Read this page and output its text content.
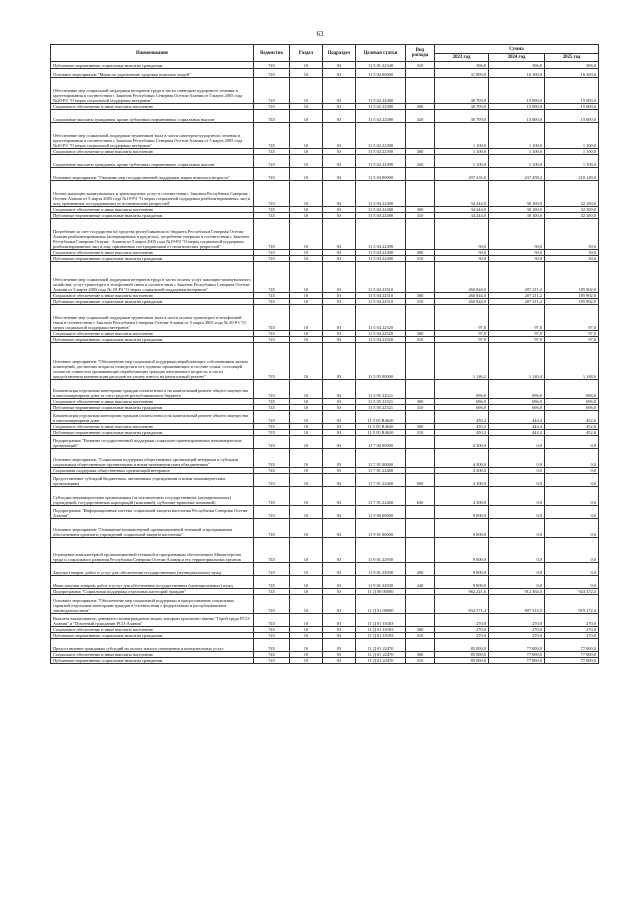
63
Наименование	Ведомство	Раздел	Подраздел	Целевая статья	Вид расхода	Сумма		
						2023 год	2024 год	2025 год
Публичные нормативные социальные выплаты гражданам	745	10	03	11 5 01 22340	310	306,0	306,0	306,0
Основное мероприятие "Меры по укреплению здоровья пожилых людей"	745	10	03	11 5 02 00000		31 809,0	16 100,0	16 100,0
Обеспечение мер социальной поддержки ветеранов труда в части санаторно-курортного лечения и протезирования в соответствии с Законом Республики Северная Осетия-Алания от 5 марта 2005 года №20-РЗ "О мерах социальной поддержки ветеранов"	745	10	03	11 5 02 22380		30 709,0	15 000,0	15 000,0
Социальное обеспечение и иные выплаты населению	745	10	03	11 5 02 22380	300	30 709,0	15 000,0	15 000,0
Социальные выплаты гражданам, кроме публичных нормативных социальных выплат	745	10	03	11 5 02 22380	320	30 709,0	15 000,0	15 000,0
Обеспечение мер социальной поддержки тружеников тыла в части санаторно-курортного лечения и протезирования в соответствии с Законом Республики Северная Осетия-Алания от 5 марта 2005 года №20-РЗ "О мерах социальной поддержки ветеранов"	745	10	03	11 5 02 22390		1 100,0	1 100,0	1 100,0
Социальное обеспечение и иные выплаты населению	745	10	03	11 5 02 22390	300	1 100,0	1 100,0	1 100,0
Социальные выплаты гражданам, кроме публичных нормативных социальных выплат	745	10	03	11 5 02 22390	320	1 100,0	1 100,0	1 100,0
Основное мероприятие "Оказание мер государственной поддержки лицам пожилого возраста"	745	10	03	11 5 04 00000		297 235,0	237 458,2	218 149,0
Оплата жилищно-коммунальных и транспортных услуг в соответствии с Законом Республики Северная Осетия-Алания от 5 марта 2005 года №19-РЗ "О мерах социальной поддержки реабилитированных лиц и лиц, признанных пострадавшими от политических репрессий"	745	10	03	11 5 04 22480		34 244,0	30 100,0	32 100,0
Социальное обеспечение и иные выплаты населению	745	10	03	11 5 04 22480	300	34 244,0	30 100,0	32 100,0
Публичные нормативные социальные выплаты гражданам	745	10	03	11 5 04 22480	310	34 244,0	30 100,0	32 100,0
Погребение за счет государства на средства республиканского бюджета Республики Северная Осетия - Алания реабилитированных (возвращенных в пределах), погребение умерших в соответствии с Законом Республики Северная Осетия - Алания от 5 марта 2005 года №19-РЗ "О мерах социальной поддержки реабилитированных лиц и лиц, признанных пострадавшими от политических репрессий"	745	10	03	11 5 04 22490		50,0	50,0	50,0
Социальное обеспечение и иные выплаты населению	745	10	03	11 5 04 22490	300	50,0	50,0	50,0
Публичные нормативные социальные выплаты гражданам	745	10	03	11 5 04 22490	310	50,0	50,0	50,0
Обеспечение мер социальной поддержки ветеранов труда в части оплаты услуг жилищно-коммунального хозяйства, услуг транспорта и телефонной связи в соответствии с Законом Республики Северная Осетия-Алания от 5 марта 2005 года № 20-РЗ "О мерах социальной поддержки ветеранов"	745	10	03	11 5 04 22510		260 844,0	207 211,2	185 902,0
Социальное обеспечение и иные выплаты населению	745	10	03	11 5 04 22510	300	260 844,0	207 211,2	185 902,0
Публичные нормативные социальные выплаты гражданам	745	10	03	11 5 04 22510	310	260 844,0	207 211,2	185 902,0
Обеспечение мер социальной поддержки тружеников тыла в части оплаты транспорта и телефонной связи в соответствии с Законом Республики Северная Осетия-Алания от 5 марта 2005 года № 20-РЗ "О мерах социальной поддержки ветеранов"	745	10	03	11 5 04 22520		97,0	97,0	97,0
Социальное обеспечение и иные выплаты населению	745	10	03	11 5 04 22520	300	97,0	97,0	97,0
Публичные нормативные социальные выплаты гражданам	745	10	03	11 5 04 22520	310	97,0	97,0	97,0
Основное мероприятие "Обеспечение мер социальной поддержки неработающих собственников жилых помещений, достигших возраста семидесяти лет, одиноко проживающих в составе семьи, состоящей только из совместно проживающих неработающих граждан пенсионного возраста, в части предоставления компенсации расходов на уплату взноса на капитальный ремонт"	745	10	03	11 5 05 00000		1 146,2	1 140,4	1 148,6
Компенсация отдельным категориям граждан оплаты взноса на капитальный ремонт общего имущества в многоквартирном доме за счет средств республиканского бюджета	745	10	03	11 5 05 22521		696,0	696,0	696,0
Социальное обеспечение и иные выплаты населению	745	10	03	11 5 05 22521	300	696,0	696,0	696,0
Публичные нормативные социальные выплаты гражданам	745	10	03	11 5 05 22521	310	696,0	696,0	696,0
Компенсация отдельным категориям граждан оплаты взноса на капитальный ремонт общего имущества в многоквартирном доме	745	10	03	11 5 05 R4620		450,2	444,4	452,6
Социальное обеспечение и иные выплаты населению	745	10	03	11 5 05 R4620	300	450,2	444,4	452,6
Публичные нормативные социальные выплаты гражданам	745	10	03	11 5 05 R4620	310	450,2	444,4	452,6
Подпрограмма "Развитие государственной поддержки социально-ориентированных некоммерческих организаций"	745	10	03	11 7 00 00000		4 300,0	0,0	0,0
Основное мероприятие "Социальная поддержка общественных организаций ветеранов и субсидии социальным общественным организациям и иным некоммерческим объединениям"	745	10	03	11 7 01 00000		4 300,0	0,0	0,0
Социальная поддержка общественных организаций ветеранов	745	10	03	11 7 01 22460		4 300,0	0,0	0,0
Предоставление субсидий бюджетным, автономным учреждениям и иным некоммерческим организациям	745	10	03	11 7 01 22460	600	4 300,0	0,0	0,0
Субсидии некоммерческим организациям (за исключением государственных (муниципальных) учреждений, государственных корпораций (компаний), публично-правовых компаний)	745	10	03	11 7 01 22460	630	4 300,0	0,0	0,0
Подпрограмма "Информационная система социальной защиты населения Республики Северная Осетия-Алания"	745	10	03	11 9 00 00000		9 000,0	0,0	0,0
Основное мероприятие "Оснащение компьютерной организационной техникой и программным обеспечением органов и учреждений социальной защиты населения"	745	10	03	11 9 01 00000		9 000,0	0,0	0,0
Оснащение компьютерной организационной техникой и программным обеспечением Министерства труда и социального развития Республики Северная Осетия-Алания и его территориальных органов	745	10	03	11 9 01 22930		9 000,0	0,0	0,0
Закупка товаров, работ и услуг для обеспечения государственных (муниципальных) нужд	745	10	03	11 9 01 22930	200	9 000,0	0,0	0,0
Иные закупки товаров, работ и услуг для обеспечения государственных (муниципальных) нужд	745	10	03	11 9 01 22930	240	9 000,0	0,0	0,0
Подпрограмма "Социальная поддержка отдельных категорий граждан"	745	10	03	11 Д 00 00000		962 221,6	912 364,5	924 472,4
Основное мероприятие "Обеспечение мер социальной поддержки и предоставление социальных гарантий отдельным категориям граждан в соответствии с федеральным и республиканским законодательством"	745	10	03	11 Д 01 00000		934 571,4	907 314,5	919 172,4
Выплата ежемесячного денежного вознаграждения лицам, которым присвоено звание "Герой труда РСО-Алания" и "Почетный гражданин РСО-Алания"	745	10	03	11 Д 01 10183		270,0	270,0	270,0
Социальное обеспечение и иные выплаты населению	745	10	03	11 Д 01 10183	300	270,0	270,0	270,0
Публичные нормативные социальные выплаты гражданам	745	10	03	11 Д 01 10183	310	270,0	270,0	270,0
Предоставление гражданам субсидий на оплату жилого помещения и коммунальных услуг	745	10	03	11 Д 01 22470		85 000,0	77 000,0	77 000,0
Социальное обеспечение и иные выплаты населению	745	10	03	11 Д 01 22470	300	85 000,0	77 000,0	77 000,0
Публичные нормативные социальные выплаты гражданам	745	10	03	11 Д 01 22470	310	85 000,0	77 000,0	77 000,0
